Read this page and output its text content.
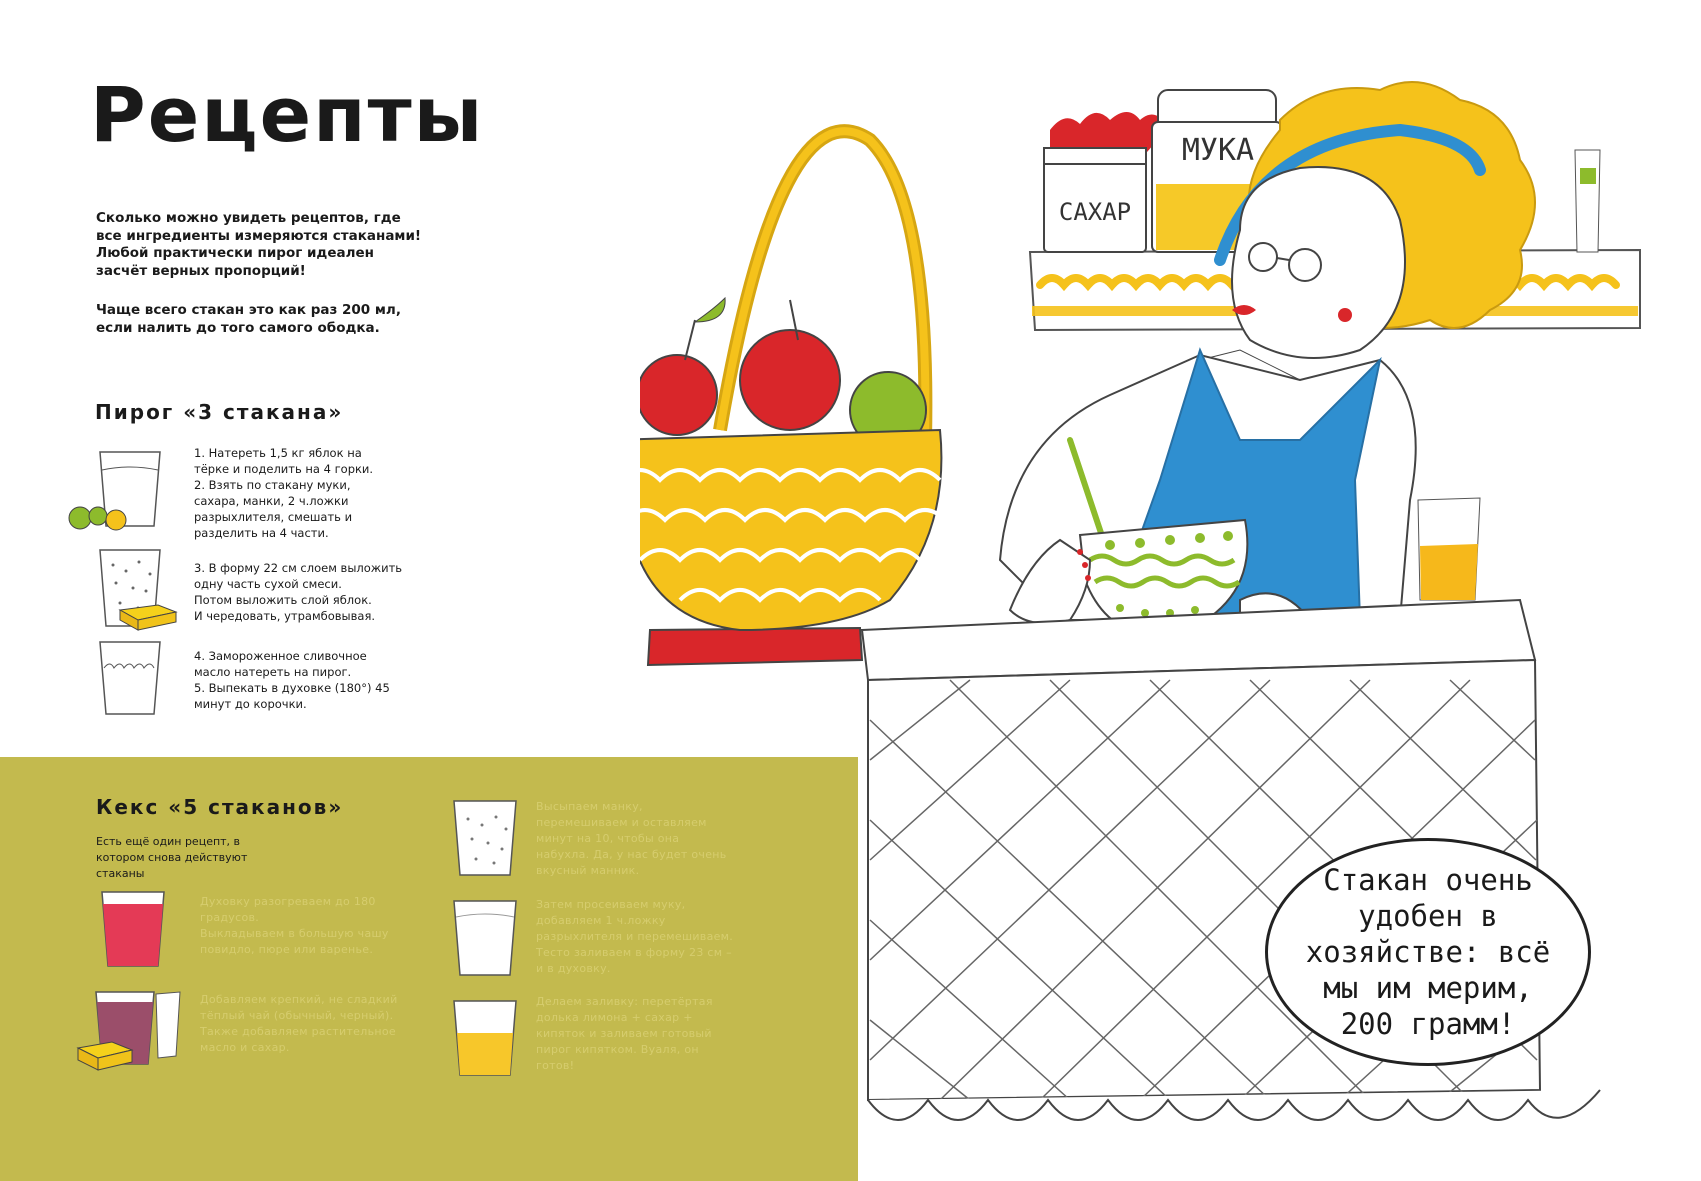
Рецепты

Сколько можно увидеть рецептов, где все ингредиенты измеряются стаканами! Любой практически пирог идеален засчёт верных пропорций!

Чаще всего стакан это как раз 200 мл, если налить до того самого ободка.

Пирог «3 стакана»
1. Натереть 1,5 кг яблок на тёрке и поделить на 4 горки.
2. Взять по стакану муки, сахара, манки, 2 ч.ложки разрыхлителя, смешать и разделить на 4 части.
3. В форму 22 см слоем выложить одну часть сухой смеси.
Потом выложить слой яблок.
И чередовать, утрамбовывая.
4. Замороженное сливочное масло натереть на пирог.
5. Выпекать в духовке (180°) 45 минут до корочки.
Кекс «5 стаканов»
Есть ещё один рецепт, в котором снова действуют стаканы
Духовку разогреваем до 180 градусов.
Выкладываем в большую чашу повидло, пюре или варенье.
Добавляем крепкий, не сладкий тёплый чай (обычный, черный).
Также добавляем растительное масло и сахар.
Высыпаем манку, перемешиваем и оставляем минут на 10, чтобы она набухла. Да, у нас будет очень вкусный манник.
Затем просеиваем муку, добавляем 1 ч.ложку разрыхлителя и перемешиваем. Тесто заливаем в форму 23 см – и в духовку.
Делаем заливку: перетёртая долька лимона + сахар + кипяток и заливаем готовый пирог кипятком. Вуаля, он готов!
САХАР
МУКА
Стакан очень удобен в хозяйстве: всё мы им мерим, 200 грамм!
